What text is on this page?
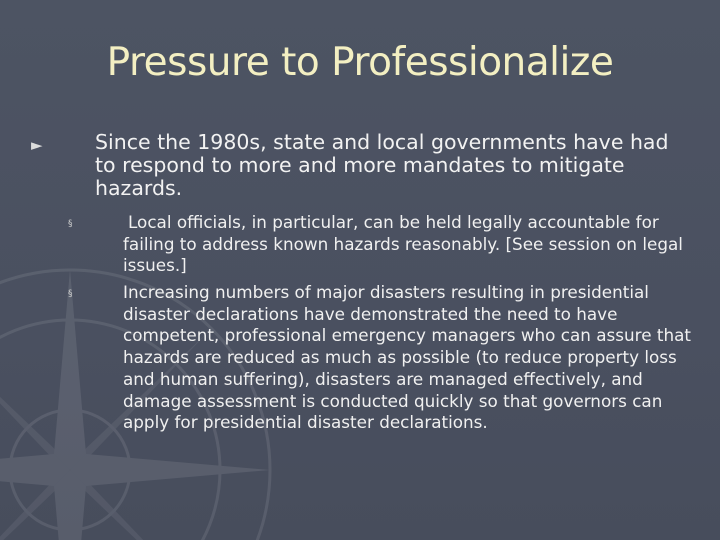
Pressure to Professionalize
►	Since the 1980s, state and local governments have had to respond to more and more mandates to mitigate hazards.
§	Local officials, in particular, can be held legally accountable for failing to address known hazards reasonably. [See session on legal issues.]
§	Increasing numbers of major disasters resulting in presidential disaster declarations have demonstrated the need to have competent, professional emergency managers who can assure that hazards are reduced as much as possible (to reduce property loss and human suffering), disasters are managed effectively, and damage assessment is conducted quickly so that governors can apply for presidential disaster declarations.
